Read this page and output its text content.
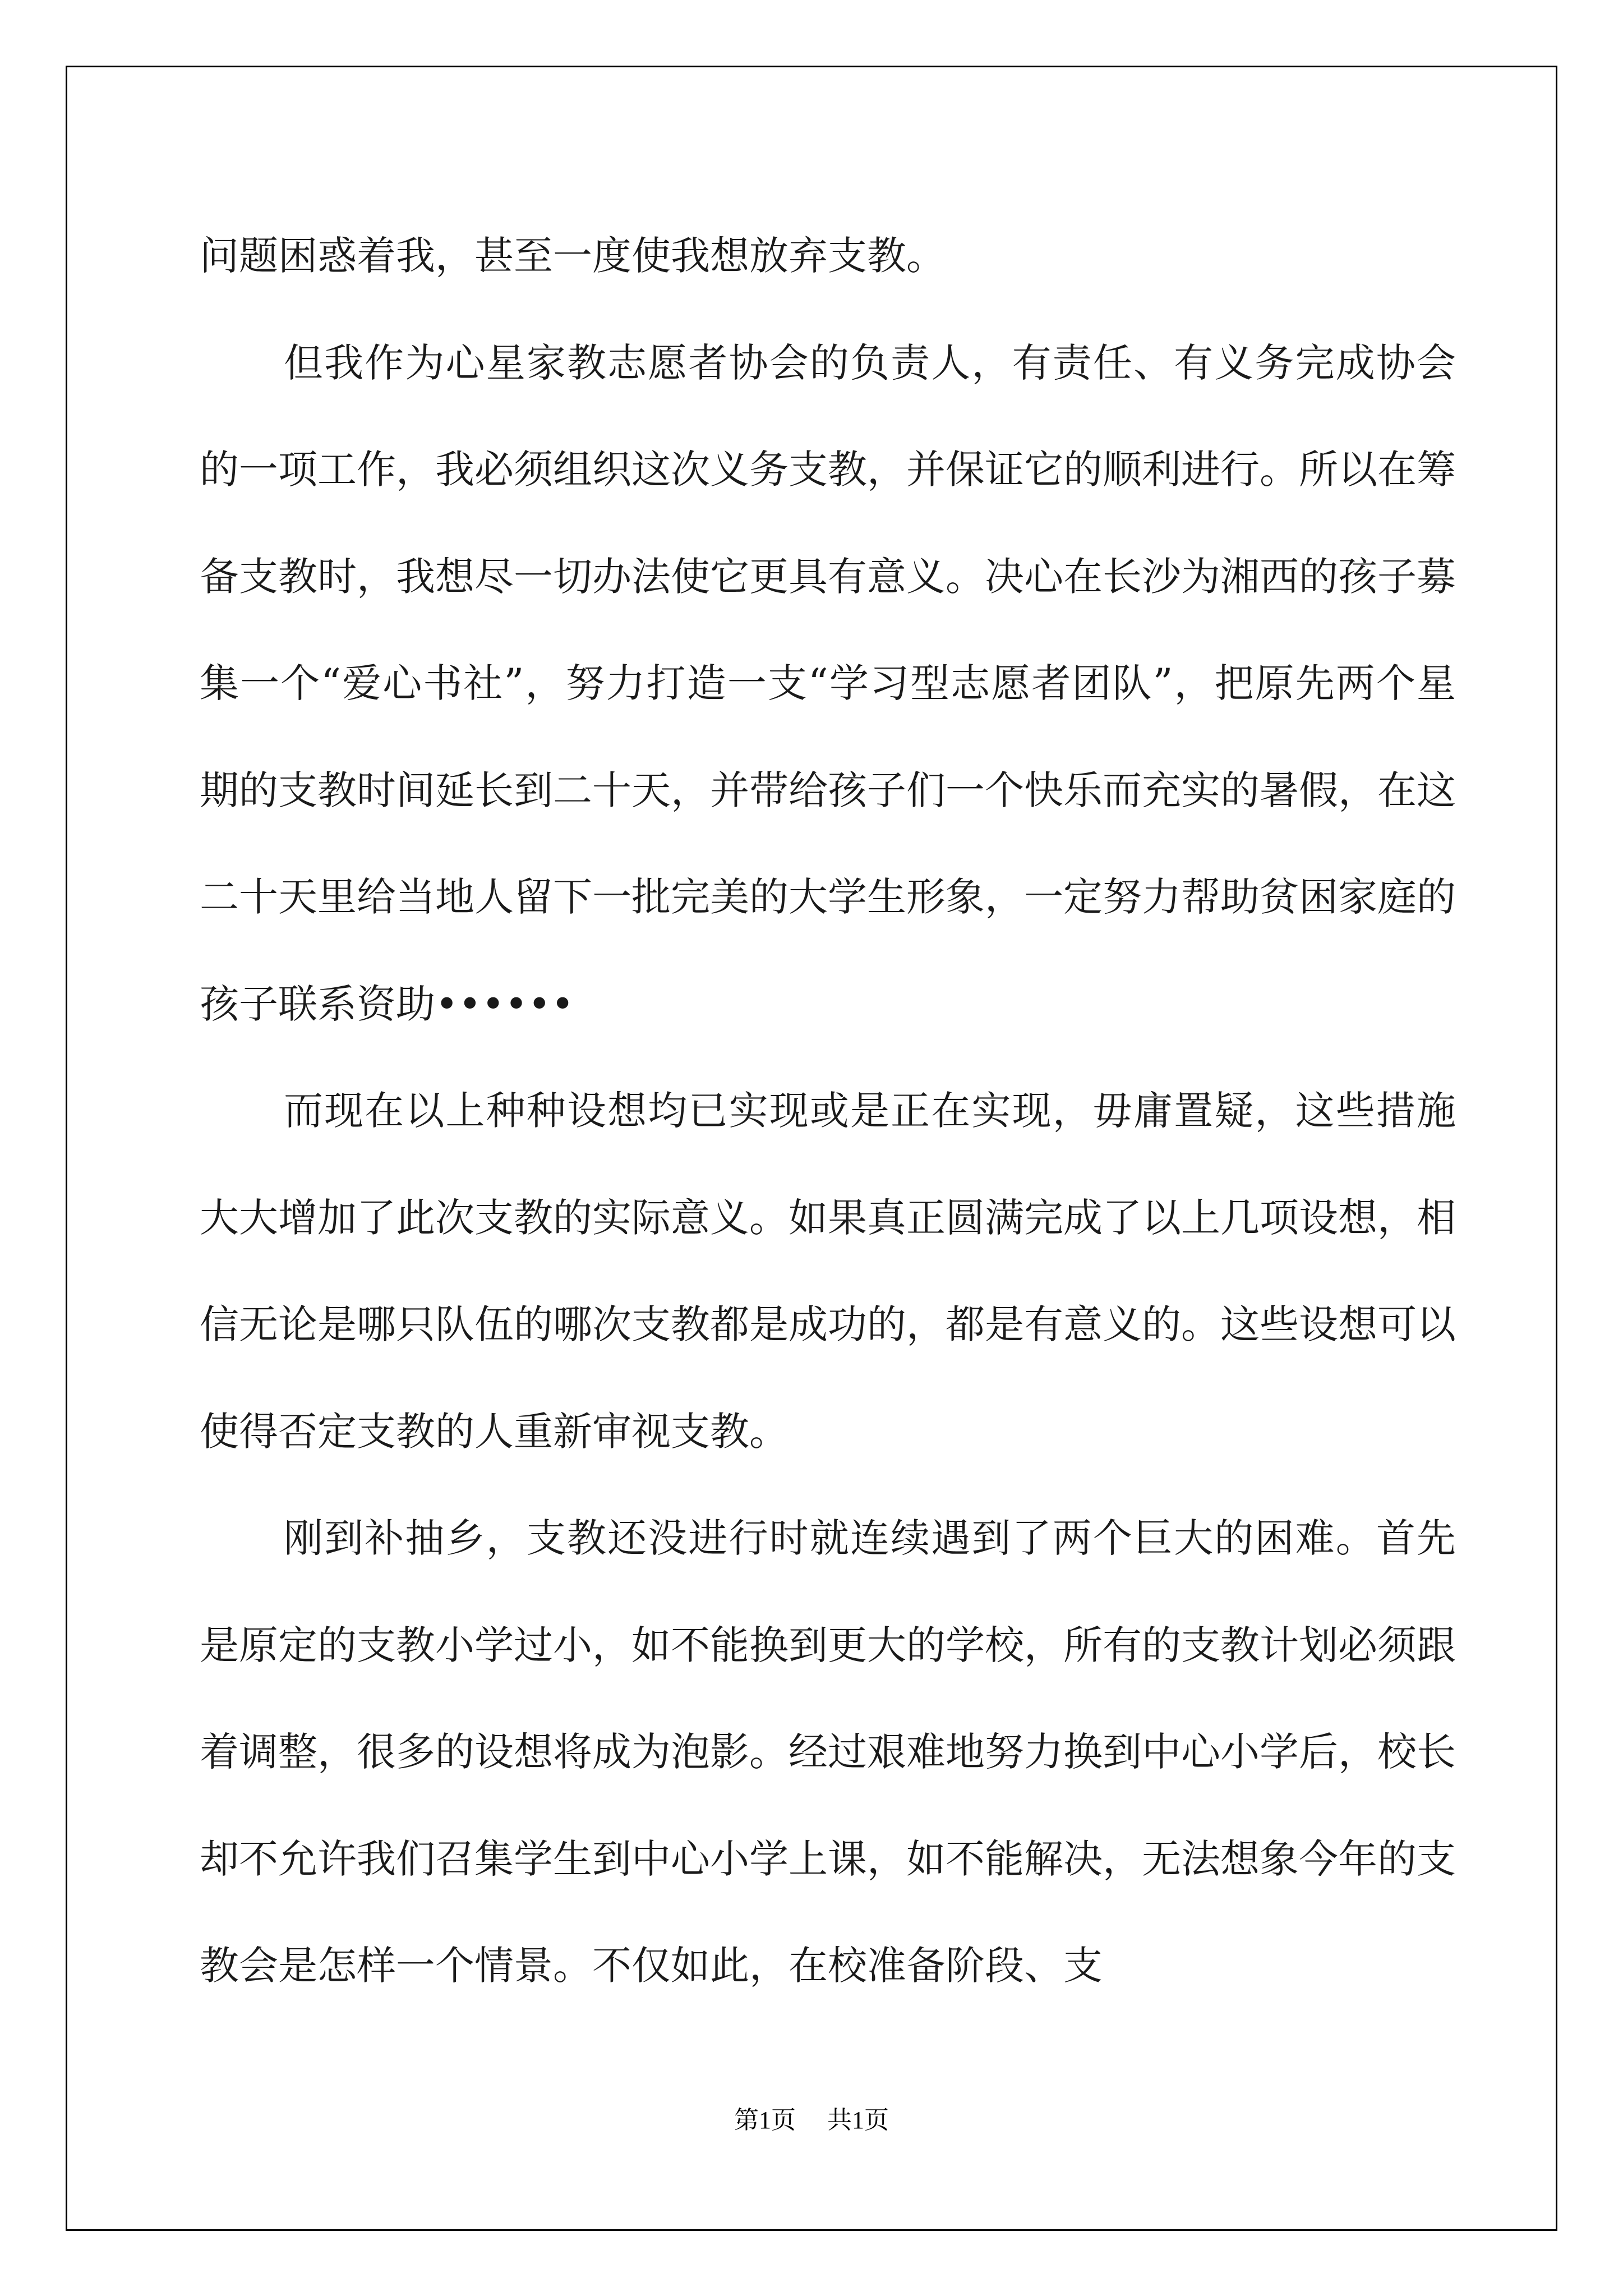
问题困惑着我，甚至一度使我想放弃支教。

但我作为心星家教志愿者协会的负责人，有责任、有义务完成协会的一项工作，我必须组织这次义务支教，并保证它的顺利进行。所以在筹备支教时，我想尽一切办法使它更具有意义。决心在长沙为湘西的孩子募集一个“爱心书社”，努力打造一支“学习型志愿者团队”，把原先两个星期的支教时间延长到二十天，并带给孩子们一个快乐而充实的暑假，在这二十天里给当地人留下一批完美的大学生形象，一定努力帮助贫困家庭的孩子联系资助••••••

而现在以上种种设想均已实现或是正在实现，毋庸置疑，这些措施大大增加了此次支教的实际意义。如果真正圆满完成了以上几项设想，相信无论是哪只队伍的哪次支教都是成功的，都是有意义的。这些设想可以使得否定支教的人重新审视支教。

刚到补抽乡，支教还没进行时就连续遇到了两个巨大的困难。首先是原定的支教小学过小，如不能换到更大的学校，所有的支教计划必须跟着调整，很多的设想将成为泡影。经过艰难地努力换到中心小学后，校长却不允许我们召集学生到中心小学上课，如不能解决，无法想象今年的支教会是怎样一个情景。不仅如此，在校准备阶段、支

第1页 共1页
